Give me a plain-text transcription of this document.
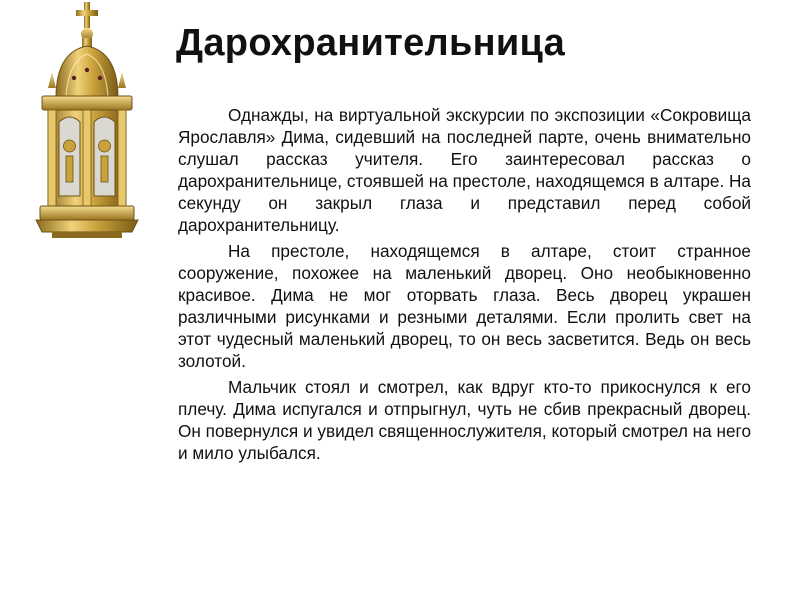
Дарохранительница

Однажды, на виртуальной экскурсии по экспозиции «Сокровища Ярославля» Дима, сидевший на последней парте, очень внимательно слушал рассказ учителя. Его заинтересовал рассказ о дарохранительнице, стоявшей на престоле, находящемся в алтаре. На секунду он закрыл глаза и представил перед собой дарохранительницу.

На престоле, находящемся в алтаре, стоит странное сооружение, похожее на маленький дворец. Оно необыкновенно красивое. Дима не мог оторвать глаза. Весь дворец украшен различными рисунками и резными деталями. Если пролить свет на этот чудесный маленький дворец, то он весь засветится. Ведь он весь золотой.

Мальчик стоял и смотрел, как вдруг кто-то прикоснулся к его плечу. Дима испугался и отпрыгнул, чуть не сбив прекрасный дворец. Он повернулся и увидел священнослужителя, который смотрел на него и мило улыбался.
